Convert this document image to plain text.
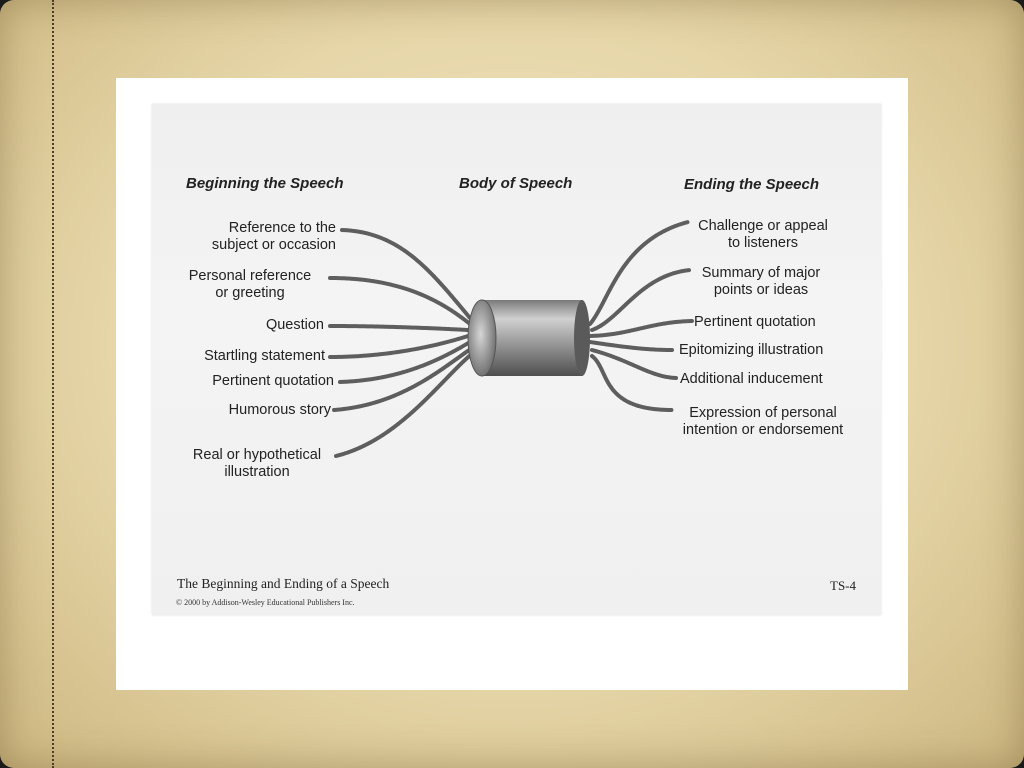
Beginning the Speech	Body of Speech	Ending the Speech
Reference to the
subject or occasion
Personal reference
or greeting
Question
Startling statement
Pertinent quotation
Humorous story
Real or hypothetical
illustration
Challenge or appeal
to listeners
Summary of major
points or ideas
Pertinent quotation
Epitomizing illustration
Additional inducement
Expression of personal
intention or endorsement
The Beginning and Ending of a Speech
© 2000 by Addison-Wesley Educational Publishers Inc.
TS-4
